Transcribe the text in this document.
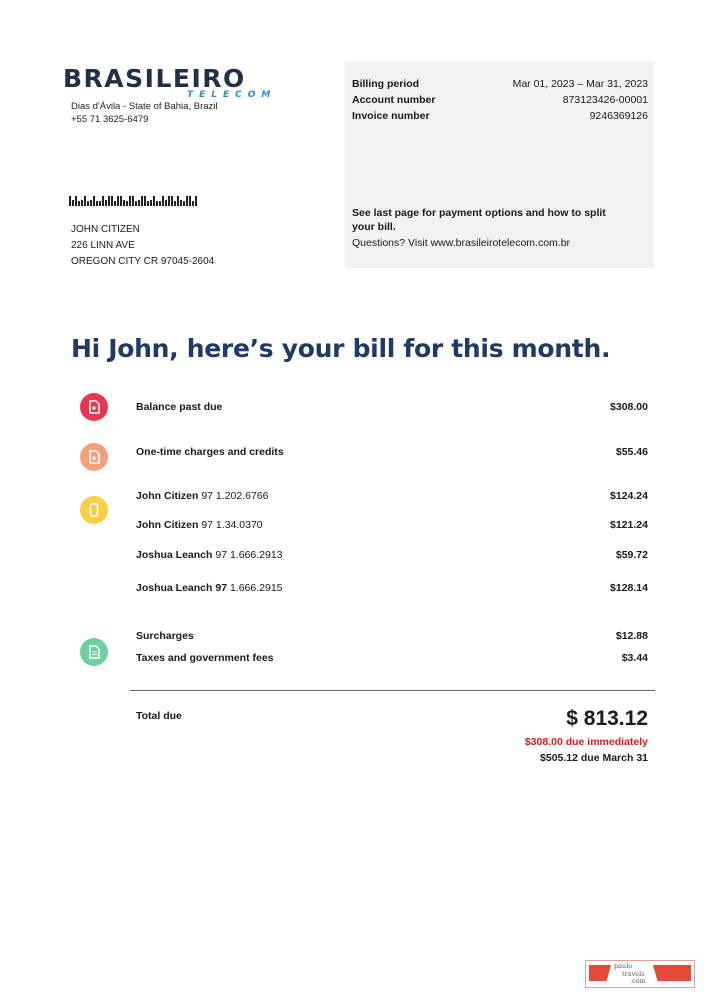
BRASILEIRO
TELECOM
Dias d'Ávila - State of Bahia, Brazil
+55 71 3625-6479
JOHN CITIZEN
226 LINN AVE
OREGON CITY CR 97045-2604
Billing period	Mar 01, 2023 – Mar 31, 2023
Account number	873123426-00001
Invoice number	9246369126
See last page for payment options and how to split your bill.
Questions? Visit www.brasileirotelecom.com.br
Hi John, here’s your bill for this month.
Balance past due	$308.00
One-time charges and credits	$55.46
John Citizen 97 1.202.6766	$124.24
John Citizen 97 1.34.0370	$121.24
Joshua Leanch 97 1.666.2913	$59.72
Joshua Leanch 97 1.666.2915	$128.14
Surcharges	$12.88
Taxes and government fees	$3.44
Total due	$ 813.12
$308.00 due immediately
$505.12 due March 31
paulo
travels
.com
